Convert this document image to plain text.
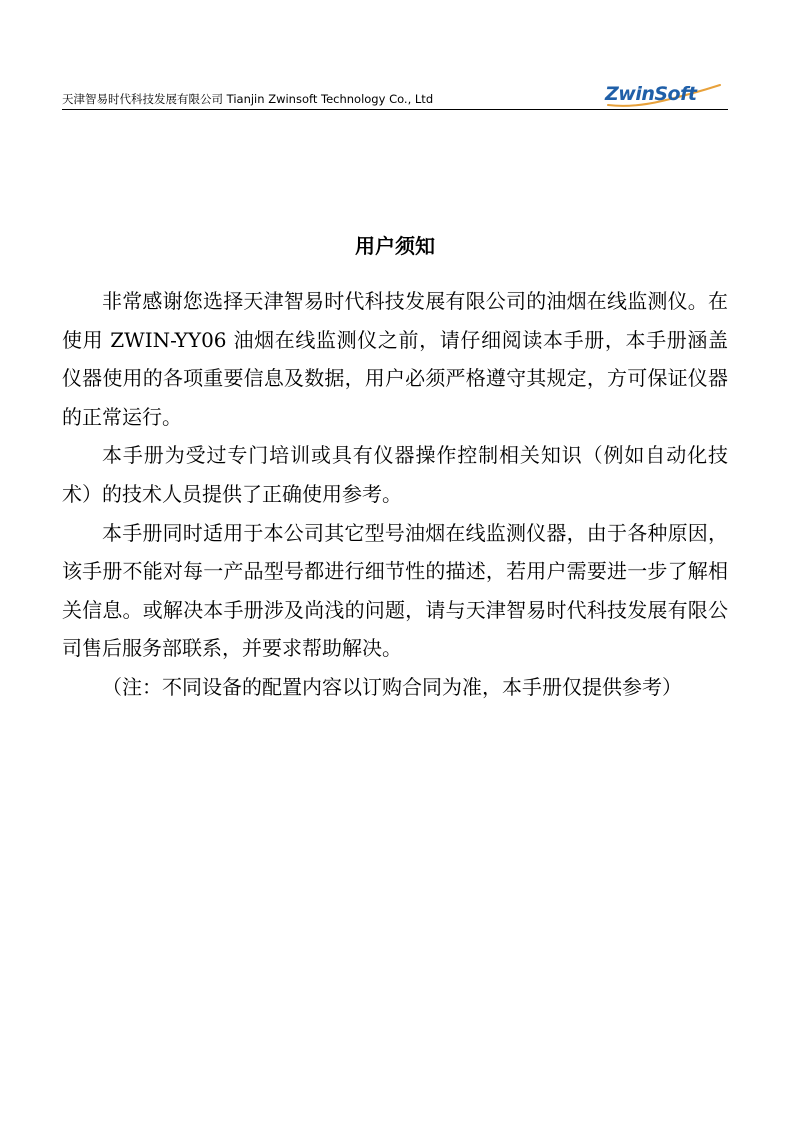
天津智易时代科技发展有限公司 Tianjin Zwinsoft Technology Co., Ltd	ZwinSoft
用户须知

非常感谢您选择天津智易时代科技发展有限公司的油烟在线监测仪。在使用 ZWIN-YY06 油烟在线监测仪之前，请仔细阅读本手册，本手册涵盖仪器使用的各项重要信息及数据，用户必须严格遵守其规定，方可保证仪器的正常运行。

本手册为受过专门培训或具有仪器操作控制相关知识（例如自动化技术）的技术人员提供了正确使用参考。

本手册同时适用于本公司其它型号油烟在线监测仪器，由于各种原因，该手册不能对每一产品型号都进行细节性的描述，若用户需要进一步了解相关信息。或解决本手册涉及尚浅的问题，请与天津智易时代科技发展有限公司售后服务部联系，并要求帮助解决。

（注：不同设备的配置内容以订购合同为准，本手册仅提供参考）
